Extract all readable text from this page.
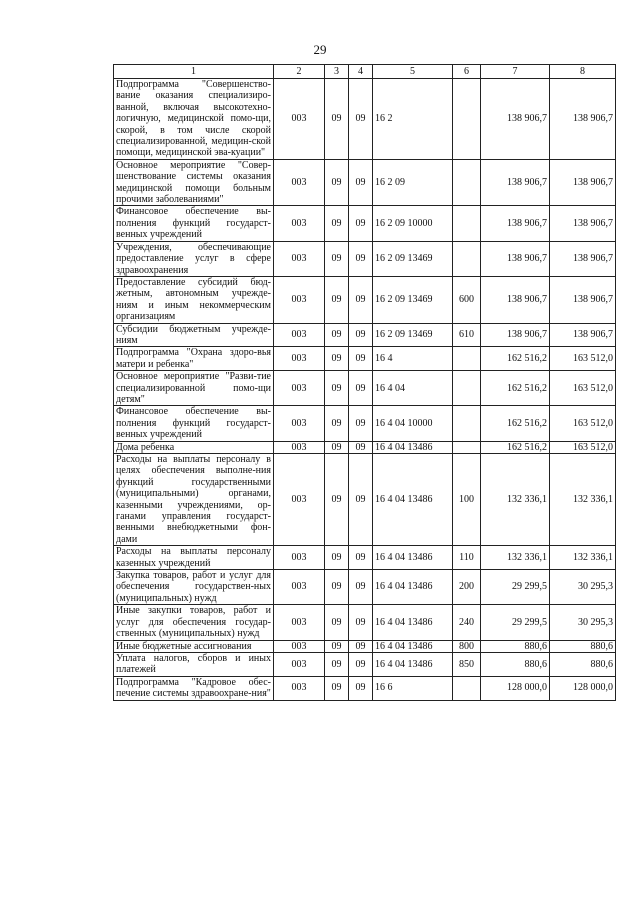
29
1	2	3	4	5	6	7	8
Подпрограмма "Совершенство-вание оказания специализиро-ванной, включая высокотехно-логичную, медицинской помо-щи, скорой, в том числе скорой специализированной, медицин-ской помощи, медицинской эва-куации"	003	09	09	16 2		138 906,7	138 906,7
Основное мероприятие "Совер-шенствование системы оказания медицинской помощи больным прочими заболеваниями"	003	09	09	16 2 09		138 906,7	138 906,7
Финансовое обеспечение вы-полнения функций государст-венных учреждений	003	09	09	16 2 09 10000		138 906,7	138 906,7
Учреждения, обеспечивающие предоставление услуг в сфере здравоохранения	003	09	09	16 2 09 13469		138 906,7	138 906,7
Предоставление субсидий бюд-жетным, автономным учрежде-ниям и иным некоммерческим организациям	003	09	09	16 2 09 13469	600	138 906,7	138 906,7
Субсидии бюджетным учрежде-ниям	003	09	09	16 2 09 13469	610	138 906,7	138 906,7
Подпрограмма "Охрана здоро-вья матери и ребенка"	003	09	09	16 4		162 516,2	163 512,0
Основное мероприятие "Разви-тие специализированной помо-щи детям"	003	09	09	16 4 04		162 516,2	163 512,0
Финансовое обеспечение вы-полнения функций государст-венных учреждений	003	09	09	16 4 04 10000		162 516,2	163 512,0
Дома ребенка	003	09	09	16 4 04 13486		162 516,2	163 512,0
Расходы на выплаты персоналу в целях обеспечения выполне-ния функций государственными (муниципальными) органами, казенными учреждениями, ор-ганами управления государст-венными внебюджетными фон-дами	003	09	09	16 4 04 13486	100	132 336,1	132 336,1
Расходы на выплаты персоналу казенных учреждений	003	09	09	16 4 04 13486	110	132 336,1	132 336,1
Закупка товаров, работ и услуг для обеспечения государствен-ных (муниципальных) нужд	003	09	09	16 4 04 13486	200	29 299,5	30 295,3
Иные закупки товаров, работ и услуг для обеспечения государ-ственных (муниципальных) нужд	003	09	09	16 4 04 13486	240	29 299,5	30 295,3
Иные бюджетные ассигнования	003	09	09	16 4 04 13486	800	880,6	880,6
Уплата налогов, сборов и иных платежей	003	09	09	16 4 04 13486	850	880,6	880,6
Подпрограмма "Кадровое обес-печение системы здравоохране-ния"	003	09	09	16 6		128 000,0	128 000,0
